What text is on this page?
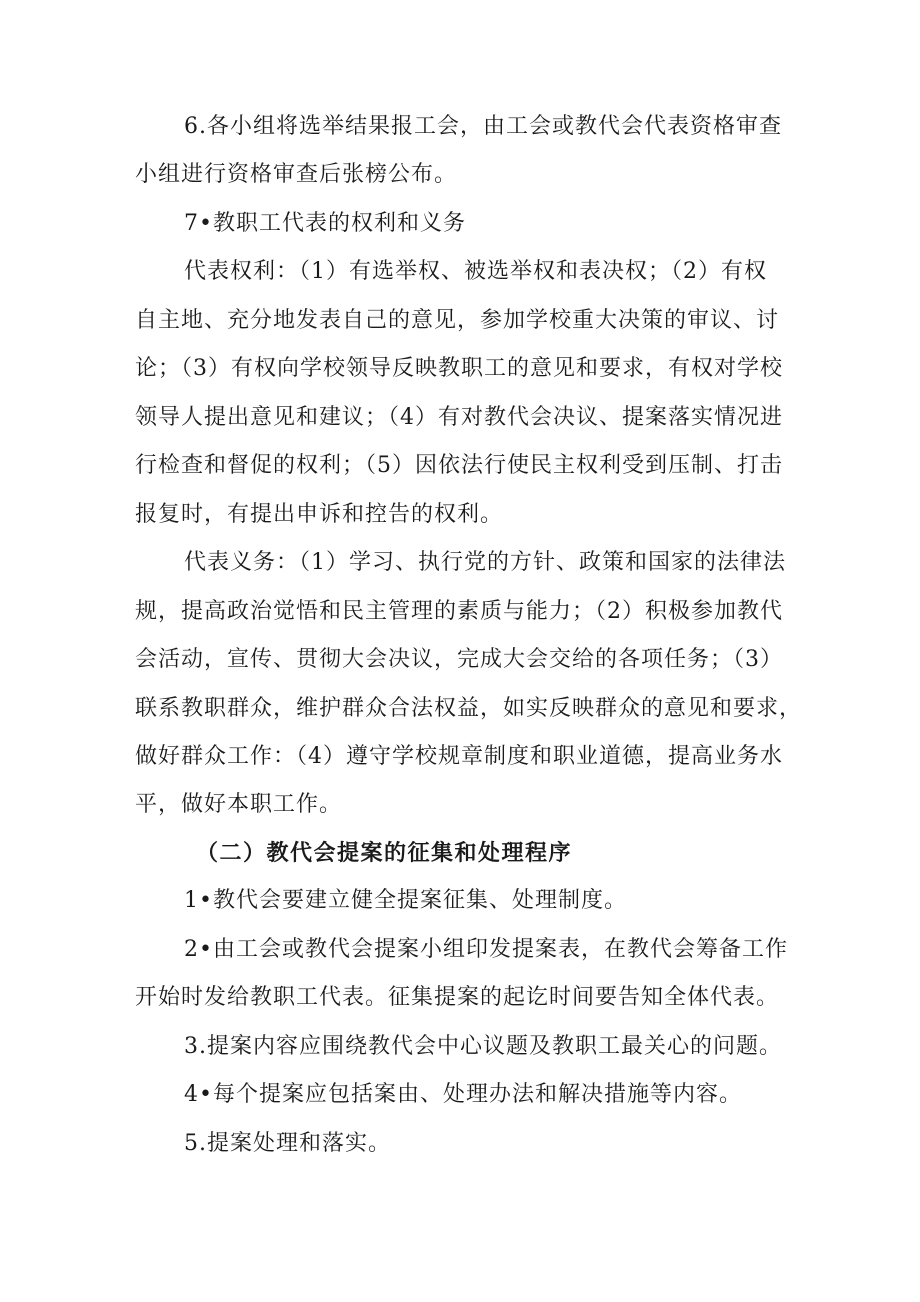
6.各小组将选举结果报工会，由工会或教代会代表资格审查
小组进行资格审查后张榜公布。
7•教职工代表的权利和义务
代表权利：（1）有选举权、被选举权和表决权；（2）有权
自主地、充分地发表自己的意见，参加学校重大决策的审议、讨
论；（3）有权向学校领导反映教职工的意见和要求，有权对学校
领导人提出意见和建议；（4）有对教代会决议、提案落实情况进
行检查和督促的权利；（5）因依法行使民主权利受到压制、打击
报复时，有提出申诉和控告的权利。
代表义务：（1）学习、执行党的方针、政策和国家的法律法
规，提高政治觉悟和民主管理的素质与能力；（2）积极参加教代
会活动，宣传、贯彻大会决议，完成大会交给的各项任务；（3）
联系教职群众，维护群众合法权益，如实反映群众的意见和要求，
做好群众工作：（4）遵守学校规章制度和职业道德，提高业务水
平，做好本职工作。
（二）教代会提案的征集和处理程序
1•教代会要建立健全提案征集、处理制度。
2•由工会或教代会提案小组印发提案表，在教代会筹备工作
开始时发给教职工代表。征集提案的起讫时间要告知全体代表。
3.提案内容应围绕教代会中心议题及教职工最关心的问题。
4•每个提案应包括案由、处理办法和解决措施等内容。
5.提案处理和落实。
